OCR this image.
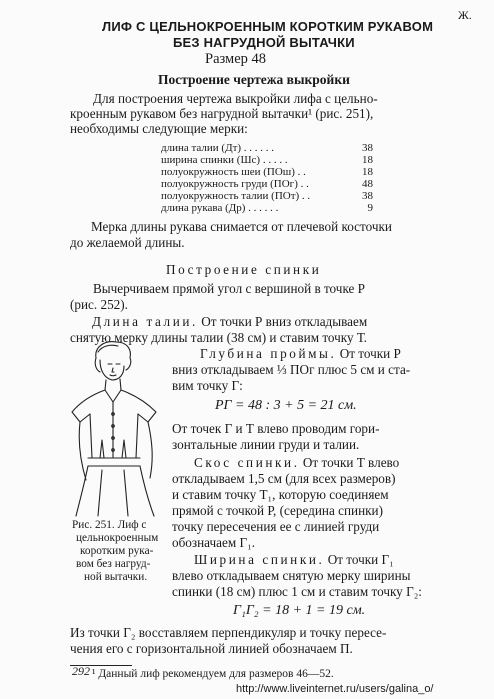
Ж.
ЛИФ С ЦЕЛЬНОКРОЕННЫМ КОРОТКИМ РУКАВОМ
БЕЗ НАГРУДНОЙ ВЫТАЧКИ
Размер 48
Построение чертежа выкройки
Для построения чертежа выкройки лифа с цельно-
кроенным рукавом без нагрудной вытачки¹ (рис. 251),
необходимы следующие мерки:
длина талии (Дт) . . . . . .	38
ширина спинки (Шс) . . . . .	18
полуокружность шеи (ПОш) . .	18
полуокружность груди (ПОг) . .	48
полуокружность талии (ПОт) . .	38
длина рукава (Др) . . . . . .	9
Мерка длины рукава снимается от плечевой косточки
до желаемой длины.
Построение спинки
Вычерчиваем прямой угол с вершиной в точке Р
(рис. 252).
Длина талии. От точки Р вниз откладываем
снятую мерку длины талии (38 см) и ставим точку Т.
Глубина проймы. От точки Р
вниз откладываем ⅓ ПОг плюс 5 см и ста-
вим точку Г:
РГ = 48 : 3 + 5 = 21 см.
От точек Г и Т влево проводим гори-
зонтальные линии груди и талии.
Скос спинки. От точки Т влево
откладываем 1,5 см (для всех размеров)
и ставим точку Т₁, которую соединяем
прямой с точкой Р, (середина спинки)
точку пересечения ее с линией груди
обозначаем Г₁.
Ширина спинки. От точки Г₁
влево откладываем снятую мерку ширины
спинки (18 см) плюс 1 см и ставим точку Г₂:
Г₁Г₂ = 18 + 1 = 19 см.
Из точки Г₂ восставляем перпендикуляр и точку пересе-
чения его с горизонтальной линией обозначаем П.
Рис. 251. Лиф с
цельнокроенным
коротким рука-
вом без нагруд-
ной вытачки.
¹ Данный лиф рекомендуем для размеров 46—52.
292
http://www.liveinternet.ru/users/galina_o/
